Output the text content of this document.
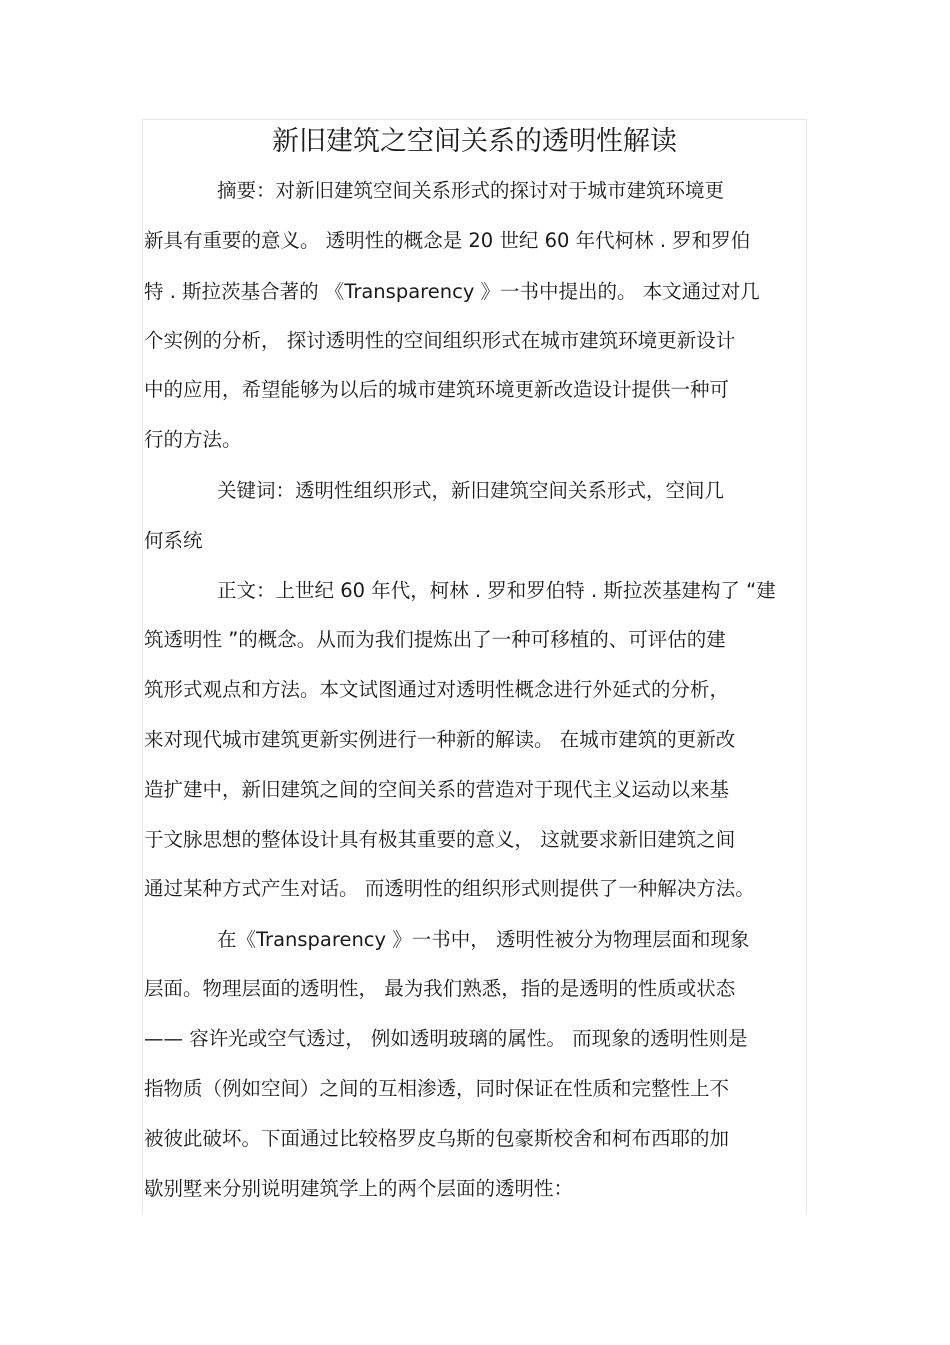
新旧建筑之空间关系的透明性解读
摘要：对新旧建筑空间关系形式的探讨对于城市建筑环境更
新具有重要的意义。 透明性的概念是 20 世纪 60 年代柯林 . 罗和罗伯
特 . 斯拉茨基合著的 《Transparency 》一书中提出的。 本文通过对几
个实例的分析， 探讨透明性的空间组织形式在城市建筑环境更新设计
中的应用，希望能够为以后的城市建筑环境更新改造设计提供一种可
行的方法。
关键词：透明性组织形式，新旧建筑空间关系形式，空间几
何系统
正文：上世纪 60 年代，柯林 . 罗和罗伯特 . 斯拉茨基建构了 “建
筑透明性 ”的概念。从而为我们提炼出了一种可移植的、可评估的建
筑形式观点和方法。本文试图通过对透明性概念进行外延式的分析，
来对现代城市建筑更新实例进行一种新的解读。 在城市建筑的更新改
造扩建中，新旧建筑之间的空间关系的营造对于现代主义运动以来基
于文脉思想的整体设计具有极其重要的意义， 这就要求新旧建筑之间
通过某种方式产生对话。 而透明性的组织形式则提供了一种解决方法。
在《Transparency 》一书中， 透明性被分为物理层面和现象
层面。物理层面的透明性， 最为我们熟悉，指的是透明的性质或状态
—— 容许光或空气透过， 例如透明玻璃的属性。 而现象的透明性则是
指物质（例如空间）之间的互相渗透，同时保证在性质和完整性上不
被彼此破坏。下面通过比较格罗皮乌斯的包豪斯校舍和柯布西耶的加
歇别墅来分别说明建筑学上的两个层面的透明性：
